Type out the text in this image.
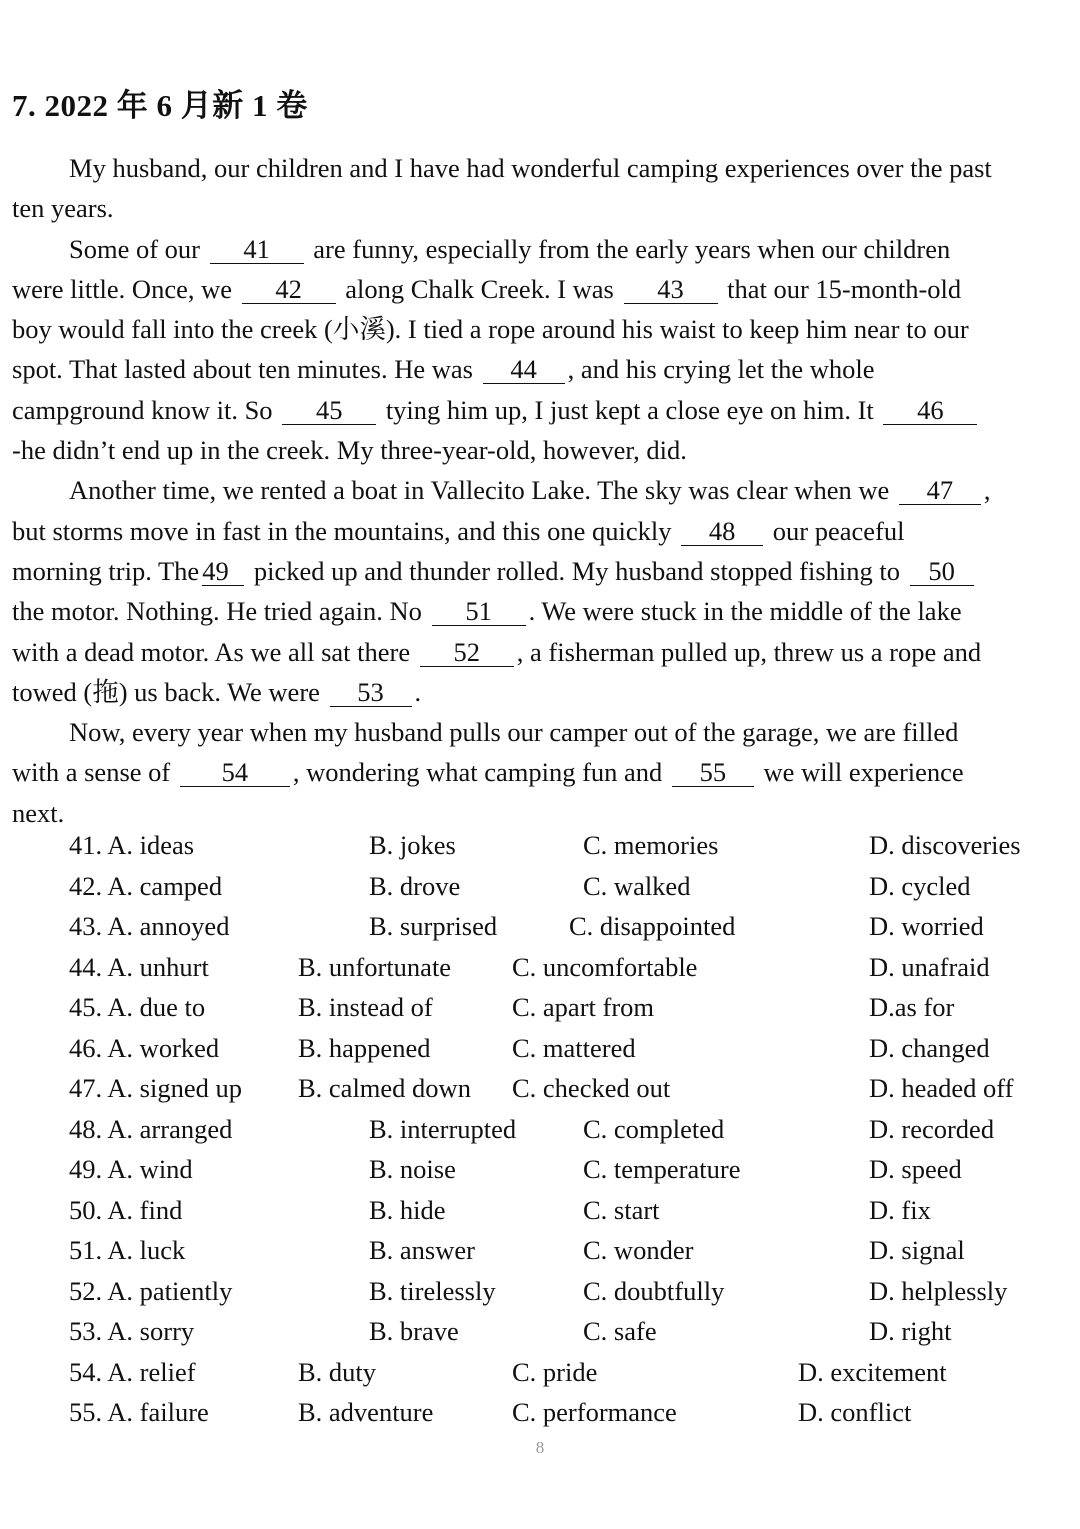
7. 2022 年 6 月新 1 卷
My husband, our children and I have had wonderful camping experiences over the past
ten years.
Some of our 41 are funny, especially from the early years when our children
were little. Once, we 42 along Chalk Creek. I was 43 that our 15-month-old
boy would fall into the creek (小溪). I tied a rope around his waist to keep him near to our
spot. That lasted about ten minutes. He was 44 , and his crying let the whole
campground know it. So 45 tying him up, I just kept a close eye on him. It 46
-he didn’t end up in the creek. My three-year-old, however, did.
Another time, we rented a boat in Vallecito Lake. The sky was clear when we 47 ,
but storms move in fast in the mountains, and this one quickly 48 our peaceful
morning trip. The 49 picked up and thunder rolled. My husband stopped fishing to 50
the motor. Nothing. He tried again. No 51 . We were stuck in the middle of the lake
with a dead motor. As we all sat there 52 , a fisherman pulled up, threw us a rope and
towed (拖) us back. We were 53 .
Now, every year when my husband pulls our camper out of the garage, we are filled
with a sense of 54 , wondering what camping fun and 55 we will experience
next.
41. A. ideas	B. jokes	C. memories	D. discoveries
42. A. camped	B. drove	C. walked	D. cycled
43. A. annoyed	B. surprised	C. disappointed	D. worried
44. A. unhurt	B. unfortunate C. uncomfortable	D. unafraid
45. A. due to	B. instead of	C. apart from	D.as for
46. A. worked	B. happened	C. mattered	D. changed
47. A. signed up B. calmed down C. checked out	D. headed off
48. A. arranged	B. interrupted	C. completed	D. recorded
49. A. wind	B. noise	C. temperature	D. speed
50. A. find	B. hide	C. start	D. fix
51. A. luck	B. answer	C. wonder	D. signal
52. A. patiently	B. tirelessly	C. doubtfully	D. helplessly
53. A. sorry	B. brave	C. safe	D. right
54. A. relief	B. duty	C. pride	D. excitement
55. A. failure	B. adventure	C. performance	D. conflict
8
